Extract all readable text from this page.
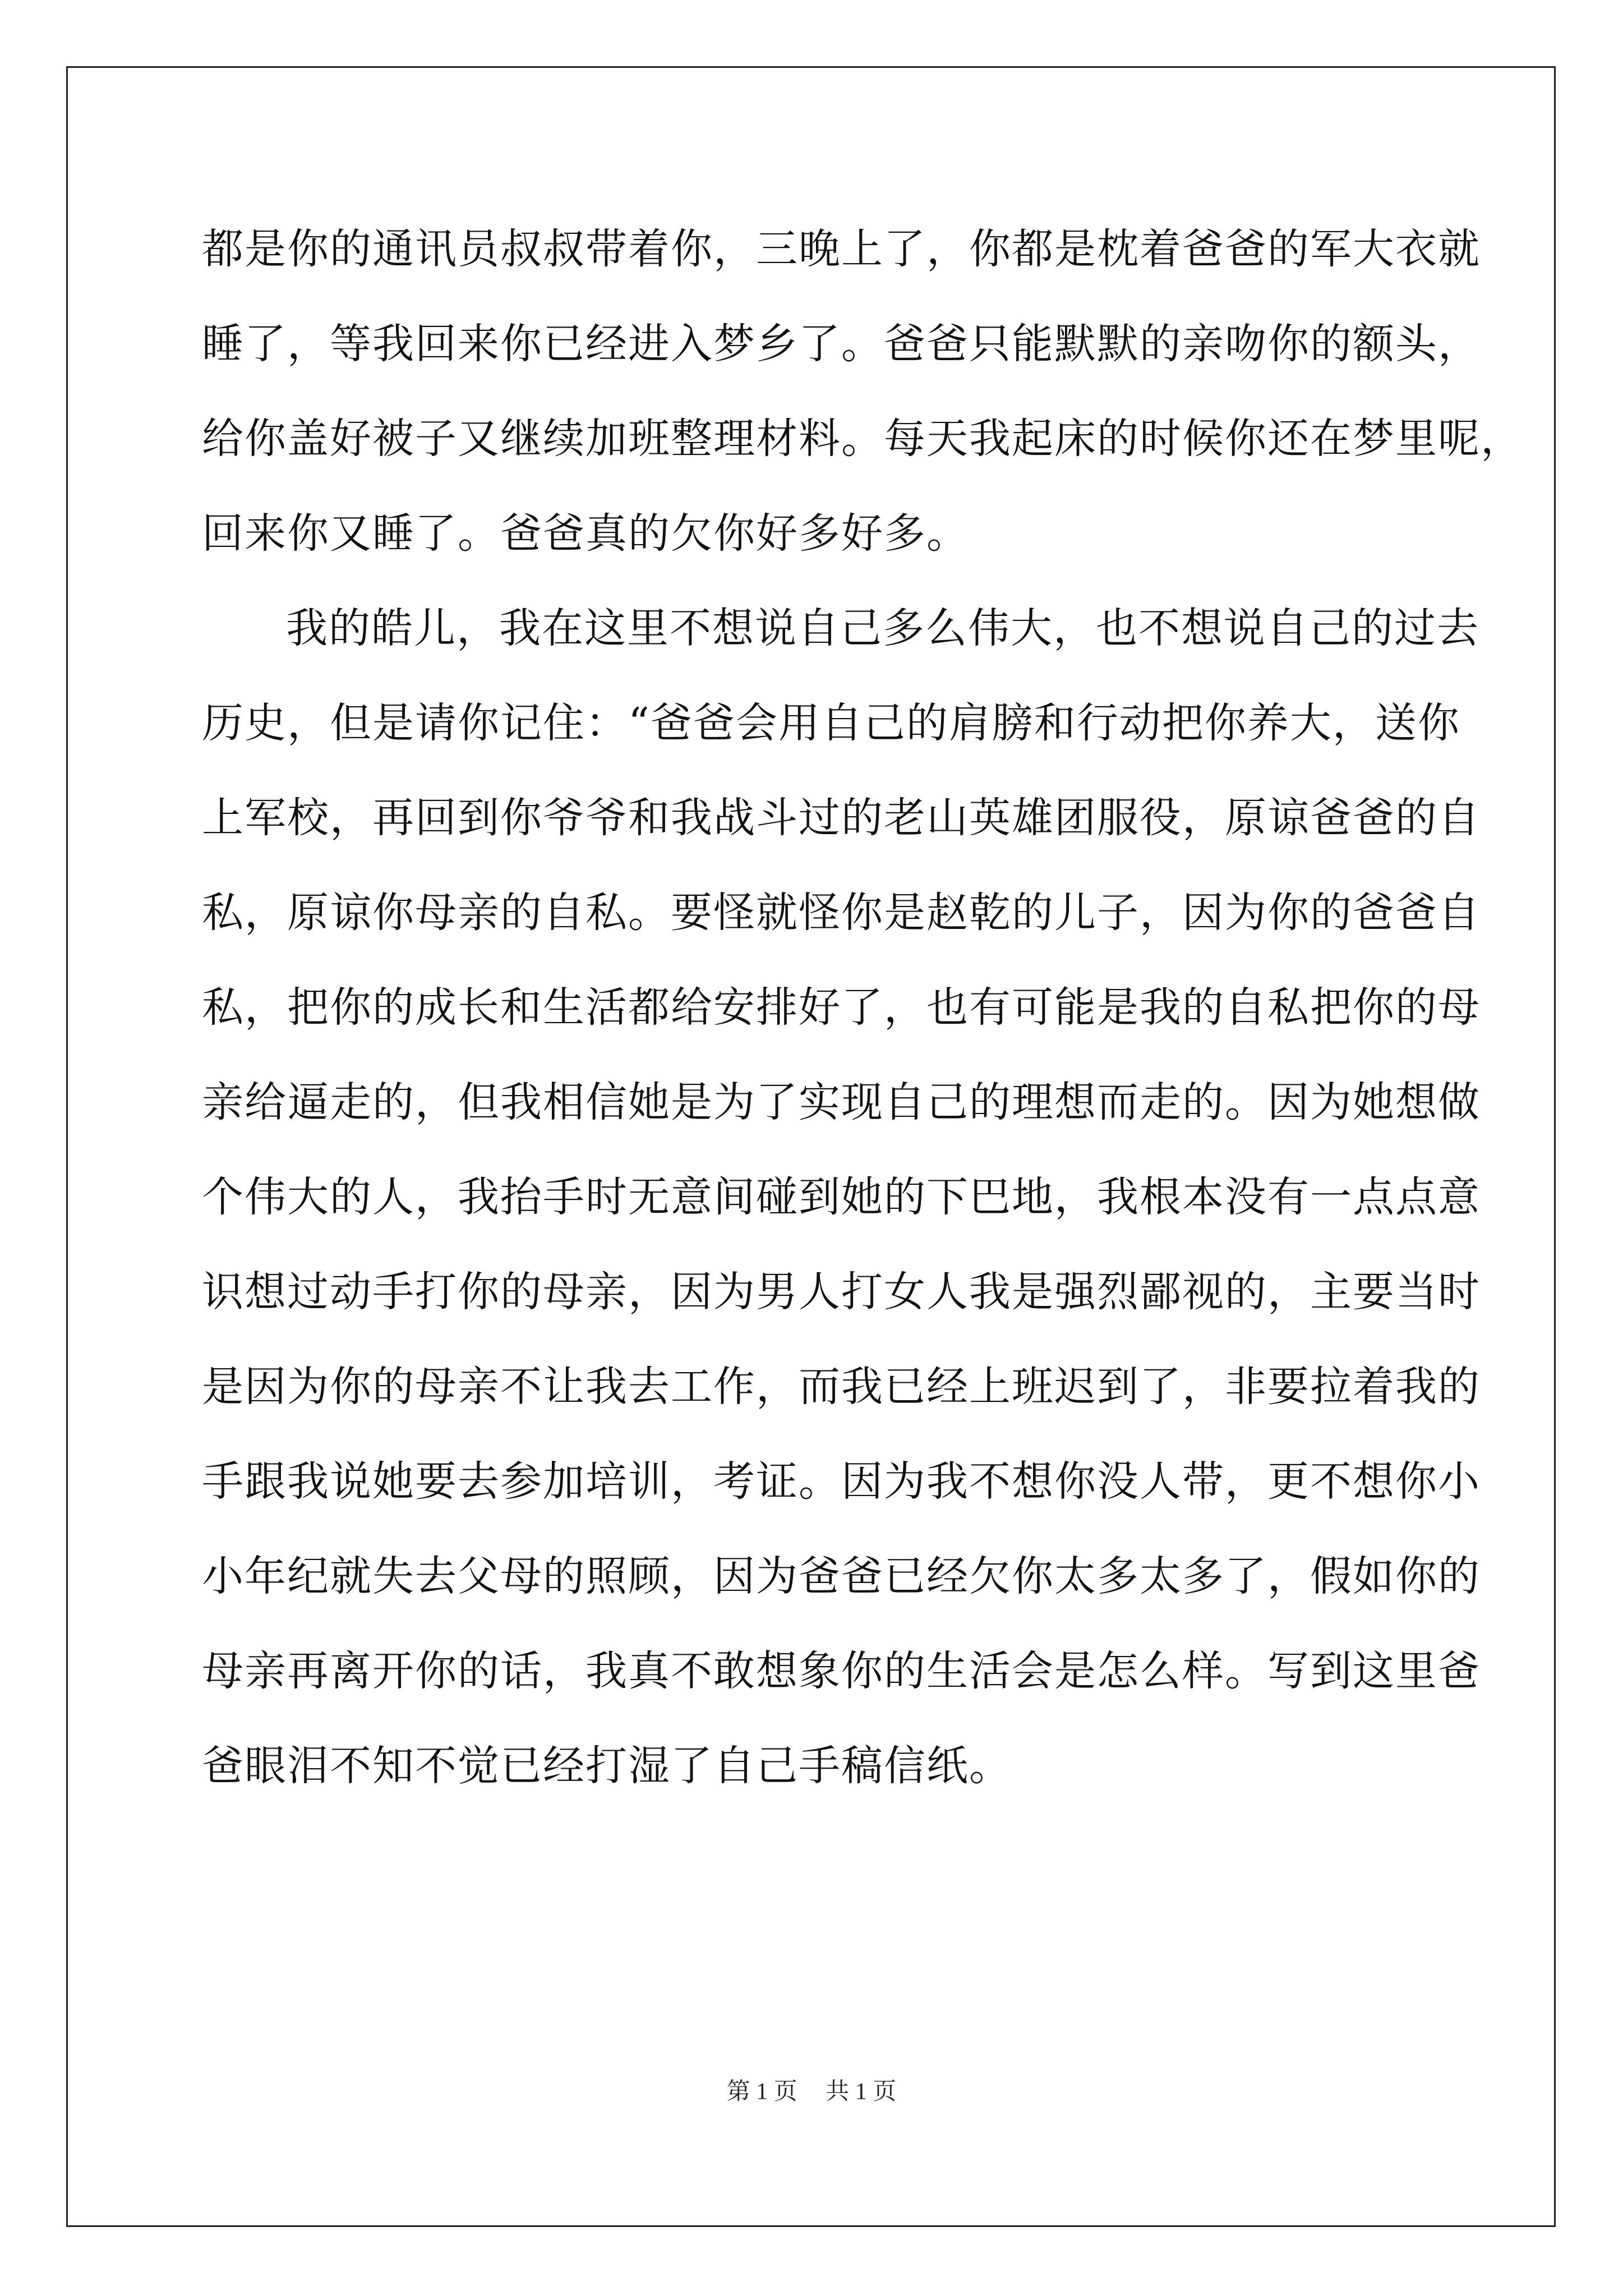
都是你的通讯员叔叔带着你，三晚上了，你都是枕着爸爸的军大衣就
睡了，等我回来你已经进入梦乡了。爸爸只能默默的亲吻你的额头，
给你盖好被子又继续加班整理材料。每天我起床的时候你还在梦里呢，
回来你又睡了。爸爸真的欠你好多好多。
我的皓儿，我在这里不想说自己多么伟大，也不想说自己的过去
历史，但是请你记住：“爸爸会用自己的肩膀和行动把你养大，送你
上军校，再回到你爷爷和我战斗过的老山英雄团服役，原谅爸爸的自
私，原谅你母亲的自私。要怪就怪你是赵乾的儿子，因为你的爸爸自
私，把你的成长和生活都给安排好了，也有可能是我的自私把你的母
亲给逼走的，但我相信她是为了实现自己的理想而走的。因为她想做
个伟大的人，我抬手时无意间碰到她的下巴地，我根本没有一点点意
识想过动手打你的母亲，因为男人打女人我是强烈鄙视的，主要当时
是因为你的母亲不让我去工作，而我已经上班迟到了，非要拉着我的
手跟我说她要去参加培训，考证。因为我不想你没人带，更不想你小
小年纪就失去父母的照顾，因为爸爸已经欠你太多太多了，假如你的
母亲再离开你的话，我真不敢想象你的生活会是怎么样。写到这里爸
爸眼泪不知不觉已经打湿了自己手稿信纸。
第 1 页 共 1 页
